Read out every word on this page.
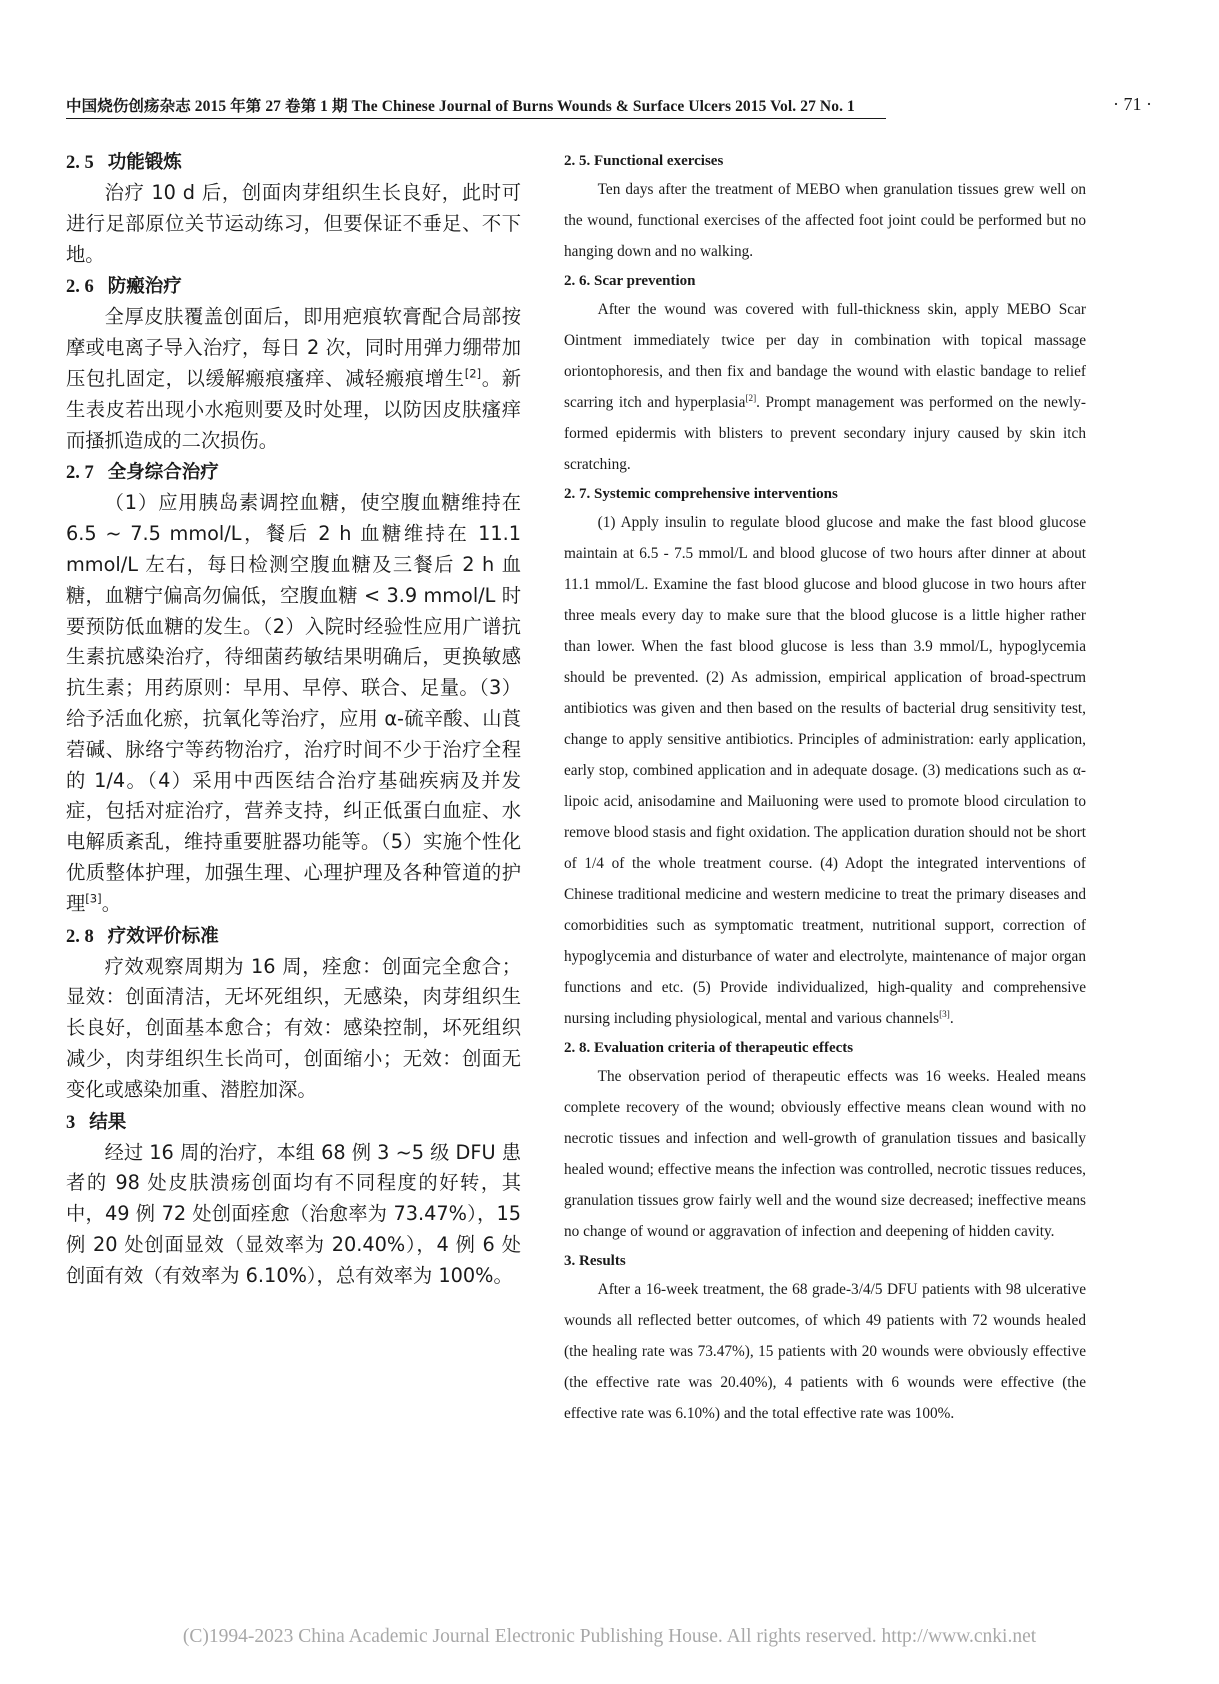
中国烧伤创疡杂志 2015 年第 27 卷第 1 期 The Chinese Journal of Burns Wounds & Surface Ulcers 2015 Vol. 27 No. 1	· 71 ·
2. 5 功能锻炼

治疗 10 d 后，创面肉芽组织生长良好，此时可进行足部原位关节运动练习，但要保证不垂足、不下地。

2. 6 防瘢治疗

全厚皮肤覆盖创面后，即用疤痕软膏配合局部按摩或电离子导入治疗，每日 2 次，同时用弹力绷带加压包扎固定，以缓解瘢痕瘙痒、减轻瘢痕增生[2]。新生表皮若出现小水疱则要及时处理，以防因皮肤瘙痒而搔抓造成的二次损伤。

2. 7 全身综合治疗

（1）应用胰岛素调控血糖，使空腹血糖维持在 6.5 ~ 7.5 mmol/L，餐后 2 h 血糖维持在 11.1 mmol/L 左右，每日检测空腹血糖及三餐后 2 h 血糖，血糖宁偏高勿偏低，空腹血糖 < 3.9 mmol/L 时要预防低血糖的发生。（2）入院时经验性应用广谱抗生素抗感染治疗，待细菌药敏结果明确后，更换敏感抗生素；用药原则：早用、早停、联合、足量。（3）给予活血化瘀，抗氧化等治疗，应用 α-硫辛酸、山莨菪碱、脉络宁等药物治疗，治疗时间不少于治疗全程的 1/4。（4）采用中西医结合治疗基础疾病及并发症，包括对症治疗，营养支持，纠正低蛋白血症、水电解质紊乱，维持重要脏器功能等。（5）实施个性化优质整体护理，加强生理、心理护理及各种管道的护理[3]。

2. 8 疗效评价标准

疗效观察周期为 16 周，痊愈：创面完全愈合；显效：创面清洁，无坏死组织，无感染，肉芽组织生长良好，创面基本愈合；有效：感染控制，坏死组织减少，肉芽组织生长尚可，创面缩小；无效：创面无变化或感染加重、潜腔加深。

3 结果

经过 16 周的治疗，本组 68 例 3 ~5 级 DFU 患者的 98 处皮肤溃疡创面均有不同程度的好转，其中，49 例 72 处创面痊愈（治愈率为 73.47%），15 例 20 处创面显效（显效率为 20.40%），4 例 6 处创面有效（有效率为 6.10%），总有效率为 100%。

2. 5. Functional exercises

Ten days after the treatment of MEBO when granulation tissues grew well on the wound, functional exercises of the affected foot joint could be performed but no hanging down and no walking.

2. 6. Scar prevention

After the wound was covered with full-thickness skin, apply MEBO Scar Ointment immediately twice per day in combination with topical massage oriontophoresis, and then fix and bandage the wound with elastic bandage to relief scarring itch and hyperplasia[2]. Prompt management was performed on the newly-formed epidermis with blisters to prevent secondary injury caused by skin itch scratching.

2. 7. Systemic comprehensive interventions

(1) Apply insulin to regulate blood glucose and make the fast blood glucose maintain at 6.5 - 7.5 mmol/L and blood glucose of two hours after dinner at about 11.1 mmol/L. Examine the fast blood glucose and blood glucose in two hours after three meals every day to make sure that the blood glucose is a little higher rather than lower. When the fast blood glucose is less than 3.9 mmol/L, hypoglycemia should be prevented. (2) As admission, empirical application of broad-spectrum antibiotics was given and then based on the results of bacterial drug sensitivity test, change to apply sensitive antibiotics. Principles of administration: early application, early stop, combined application and in adequate dosage. (3) medications such as α-lipoic acid, anisodamine and Mailuoning were used to promote blood circulation to remove blood stasis and fight oxidation. The application duration should not be short of 1/4 of the whole treatment course. (4) Adopt the integrated interventions of Chinese traditional medicine and western medicine to treat the primary diseases and comorbidities such as symptomatic treatment, nutritional support, correction of hypoglycemia and disturbance of water and electrolyte, maintenance of major organ functions and etc. (5) Provide individualized, high-quality and comprehensive nursing including physiological, mental and various channels[3].

2. 8. Evaluation criteria of therapeutic effects

The observation period of therapeutic effects was 16 weeks. Healed means complete recovery of the wound; obviously effective means clean wound with no necrotic tissues and infection and well-growth of granulation tissues and basically healed wound; effective means the infection was controlled, necrotic tissues reduces, granulation tissues grow fairly well and the wound size decreased; ineffective means no change of wound or aggravation of infection and deepening of hidden cavity.

3. Results

After a 16-week treatment, the 68 grade-3/4/5 DFU patients with 98 ulcerative wounds all reflected better outcomes, of which 49 patients with 72 wounds healed (the healing rate was 73.47%), 15 patients with 20 wounds were obviously effective (the effective rate was 20.40%), 4 patients with 6 wounds were effective (the effective rate was 6.10%) and the total effective rate was 100%.

(C)1994-2023 China Academic Journal Electronic Publishing House. All rights reserved. http://www.cnki.net
